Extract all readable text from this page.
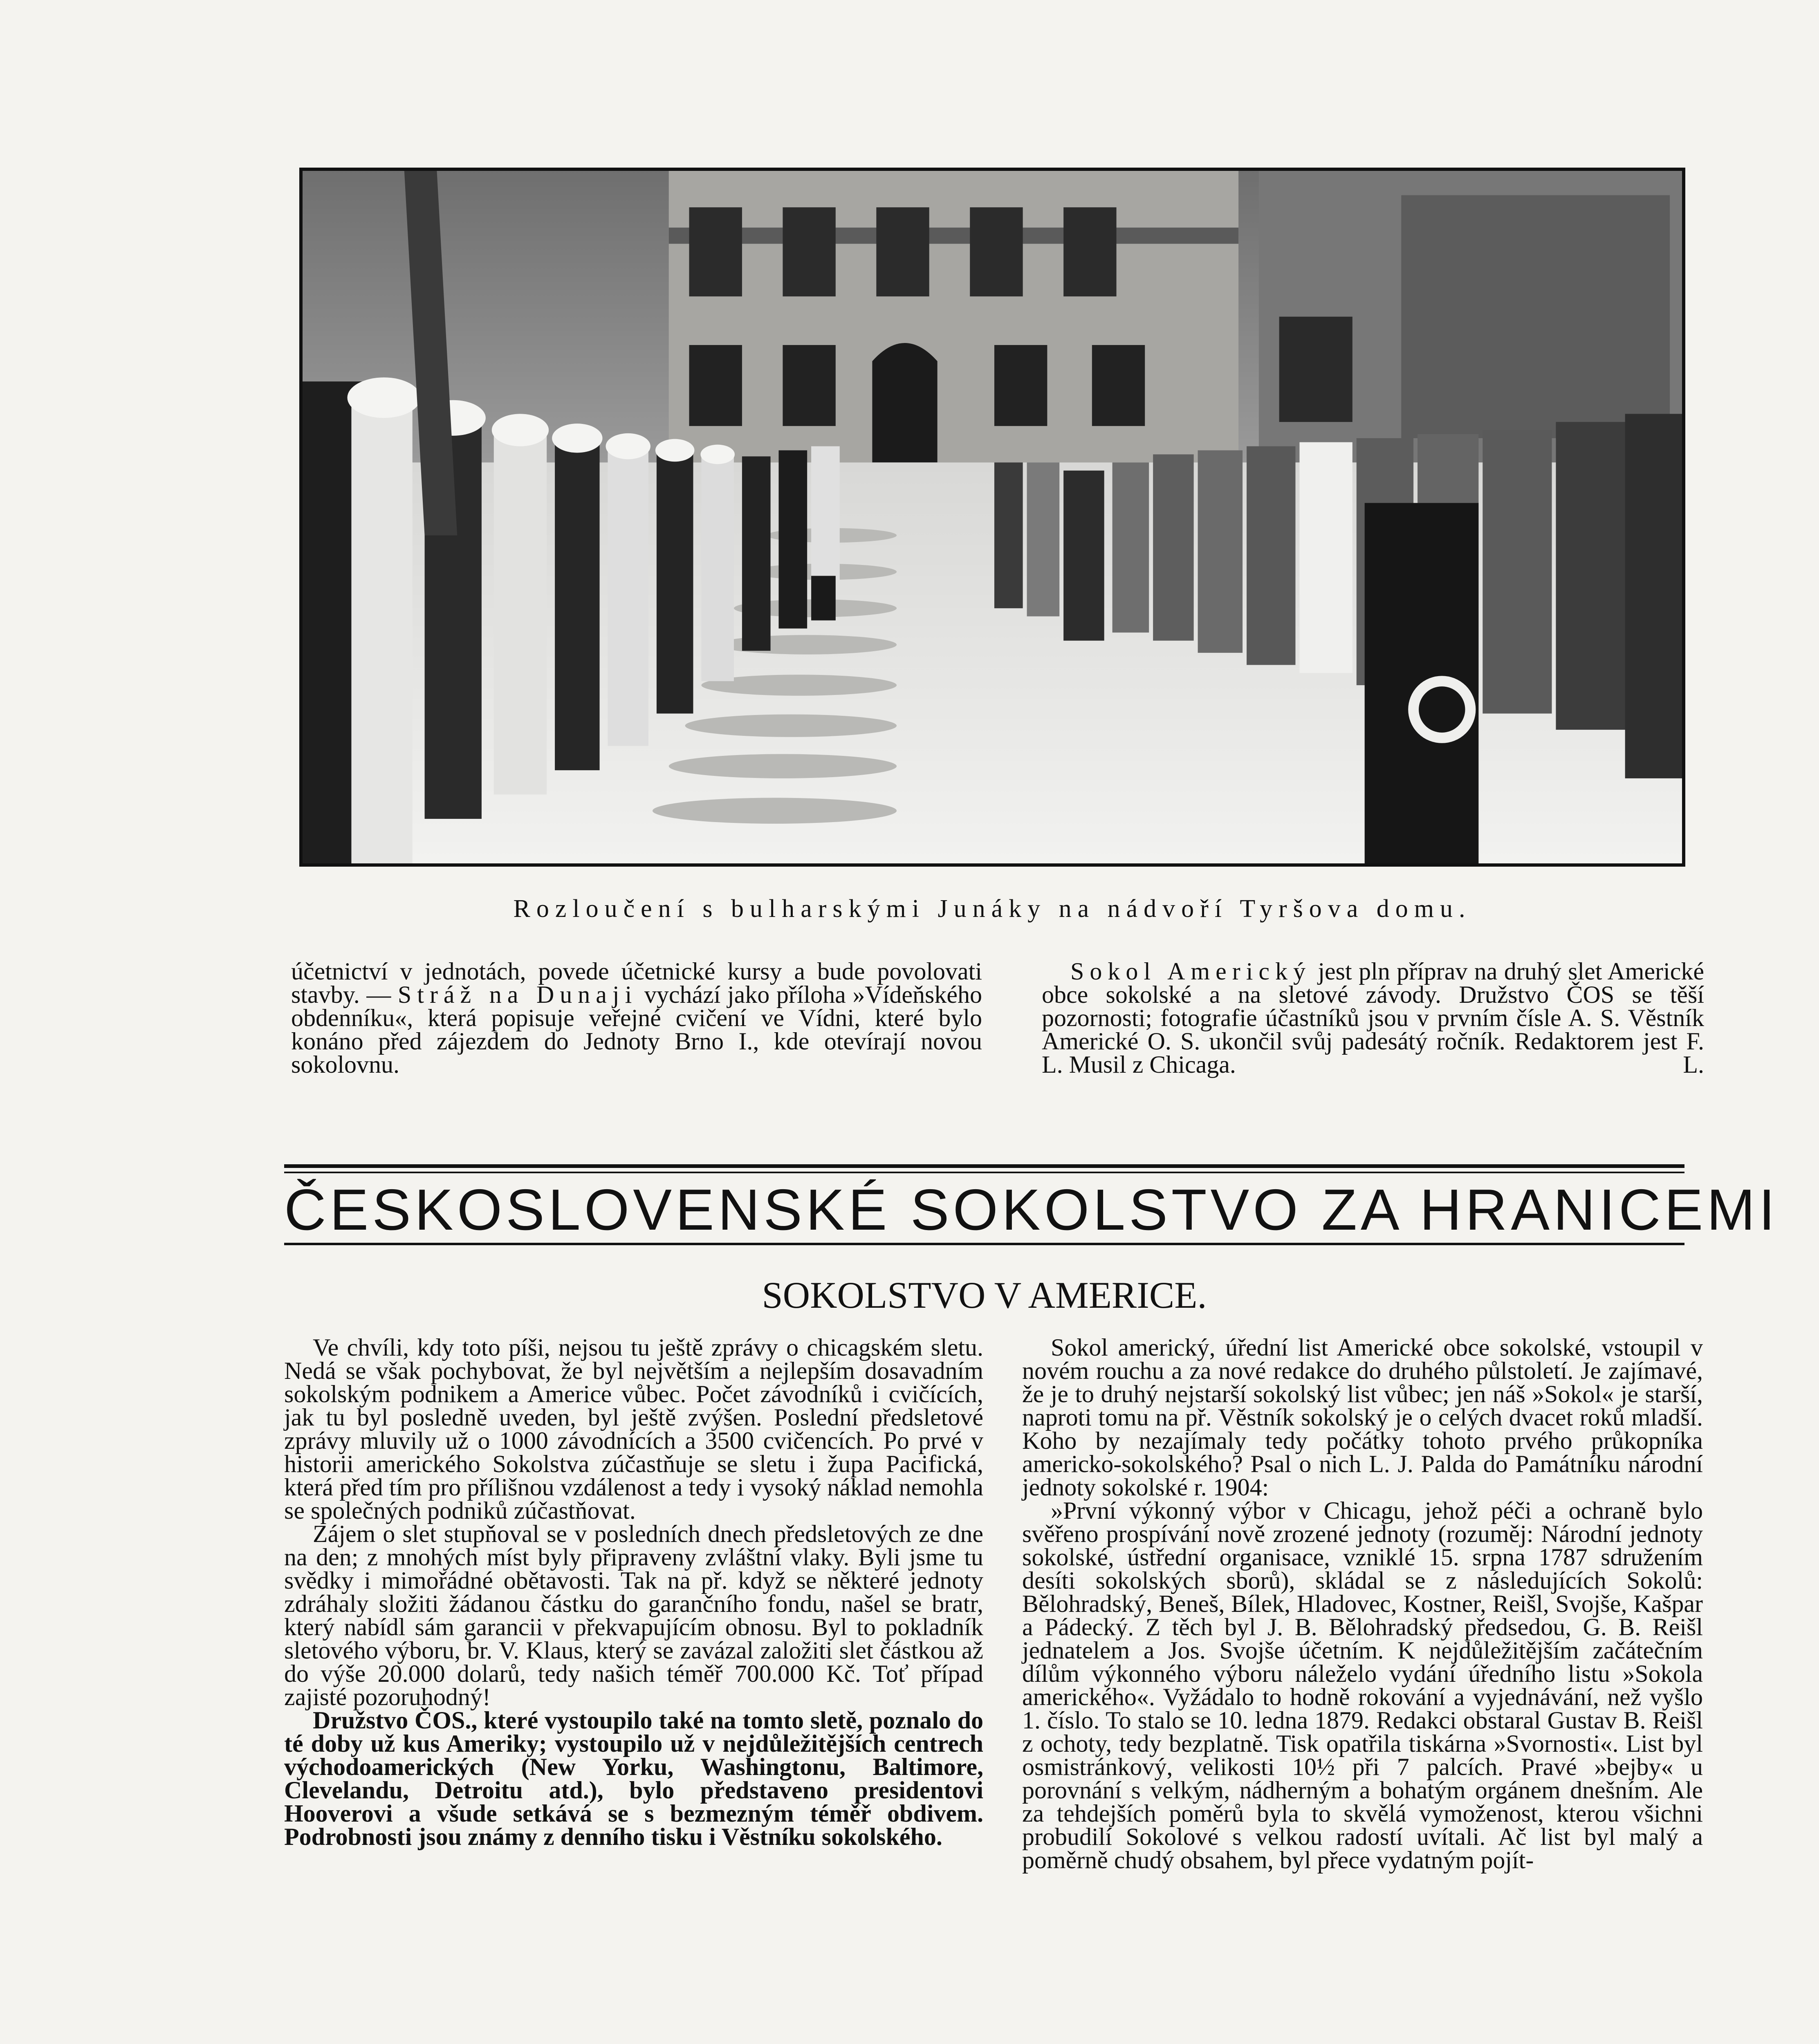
Rozloučení s bulharskými Junáky na nádvoří Tyršova domu.

účetnictví v jednotách, povede účetnické kursy a bude povolovati stavby. — Stráž na Dunaji vychází jako příloha »Vídeňského obdenníku«, která popisuje veřejné cvičení ve Vídni, které bylo konáno před zájezdem do Jednoty Brno I., kde otevírají novou sokolovnu.

Sokol Americký jest pln příprav na druhý slet Americké obce sokolské a na sletové závody. Družstvo ČOS se těší pozornosti; fotografie účastníků jsou v prvním čísle A. S. Věstník Americké O. S. ukončil svůj padesátý ročník. Redaktorem jest F. L. Musil z Chicaga.	L.

ČESKOSLOVENSKÉ SOKOLSTVO ZA HRANICEMI
SOKOLSTVO V AMERICE.

Ve chvíli, kdy toto píši, nejsou tu ještě zprávy o chicagském sletu. Nedá se však pochybovat, že byl největším a nejlepším dosavadním sokolským podnikem a Americe vůbec. Počet závodníků i cvičících, jak tu byl posledně uveden, byl ještě zvýšen. Poslední předsletové zprávy mluvily už o 1000 závodnících a 3500 cvičencích. Po prvé v historii amerického Sokolstva zúčastňuje se sletu i župa Pacifická, která před tím pro přílišnou vzdálenost a tedy i vysoký náklad nemohla se společných podniků zúčastňovat.

Zájem o slet stupňoval se v posledních dnech předsletových ze dne na den; z mnohých míst byly připraveny zvláštní vlaky. Byli jsme tu svědky i mimořádné obětavosti. Tak na př. když se některé jednoty zdráhaly složiti žádanou částku do garančního fondu, našel se bratr, který nabídl sám garancii v překvapujícím obnosu. Byl to pokladník sletového výboru, br. V. Klaus, který se zavázal založiti slet částkou až do výše 20.000 dolarů, tedy našich téměř 700.000 Kč. Toť případ zajisté pozoruhodný!

Družstvo ČOS., které vystoupilo také na tomto sletě, poznalo do té doby už kus Ameriky; vystoupilo už v nejdůležitějších centrech východoamerických (New Yorku, Washingtonu, Baltimore, Clevelandu, Detroitu atd.), bylo představeno presidentovi Hooverovi a všude setkává se s bezmezným téměř obdivem. Podrobnosti jsou známy z denního tisku i Věstníku sokolského.

Sokol americký, úřední list Americké obce sokolské, vstoupil v novém rouchu a za nové redakce do druhého půlstoletí. Je zajímavé, že je to druhý nejstarší sokolský list vůbec; jen náš »Sokol« je starší, naproti tomu na př. Věstník sokolský je o celých dvacet roků mladší. Koho by nezajímaly tedy počátky tohoto prvého průkopníka americko-sokolského? Psal o nich L. J. Palda do Památníku národní jednoty sokolské r. 1904:

»První výkonný výbor v Chicagu, jehož péči a ochraně bylo svěřeno prospívání nově zrozené jednoty (rozuměj: Národní jednoty sokolské, ústřední organisace, vzniklé 15. srpna 1787 sdružením desíti sokolských sborů), skládal se z následujících Sokolů: Bělohradský, Beneš, Bílek, Hladovec, Kostner, Reišl, Svojše, Kašpar a Pádecký. Z těch byl J. B. Bělohradský předsedou, G. B. Reišl jednatelem a Jos. Svojše účetním. K nejdůležitějším začátečním dílům výkonného výboru náleželo vydání úředního listu »Sokola amerického«. Vyžádalo to hodně rokování a vyjednávání, než vyšlo 1. číslo. To stalo se 10. ledna 1879. Redakci obstaral Gustav B. Reišl z ochoty, tedy bezplatně. Tisk opatřila tiskárna »Svornosti«. List byl osmistránkový, velikosti 10½ při 7 palcích. Pravé »bejby« u porovnání s velkým, nádherným a bohatým orgánem dnešním. Ale za tehdejších poměrů byla to skvělá vymoženost, kterou všichni probudilí Sokolové s velkou radostí uvítali. Ač list byl malý a poměrně chudý obsahem, byl přece vydatným pojít-
